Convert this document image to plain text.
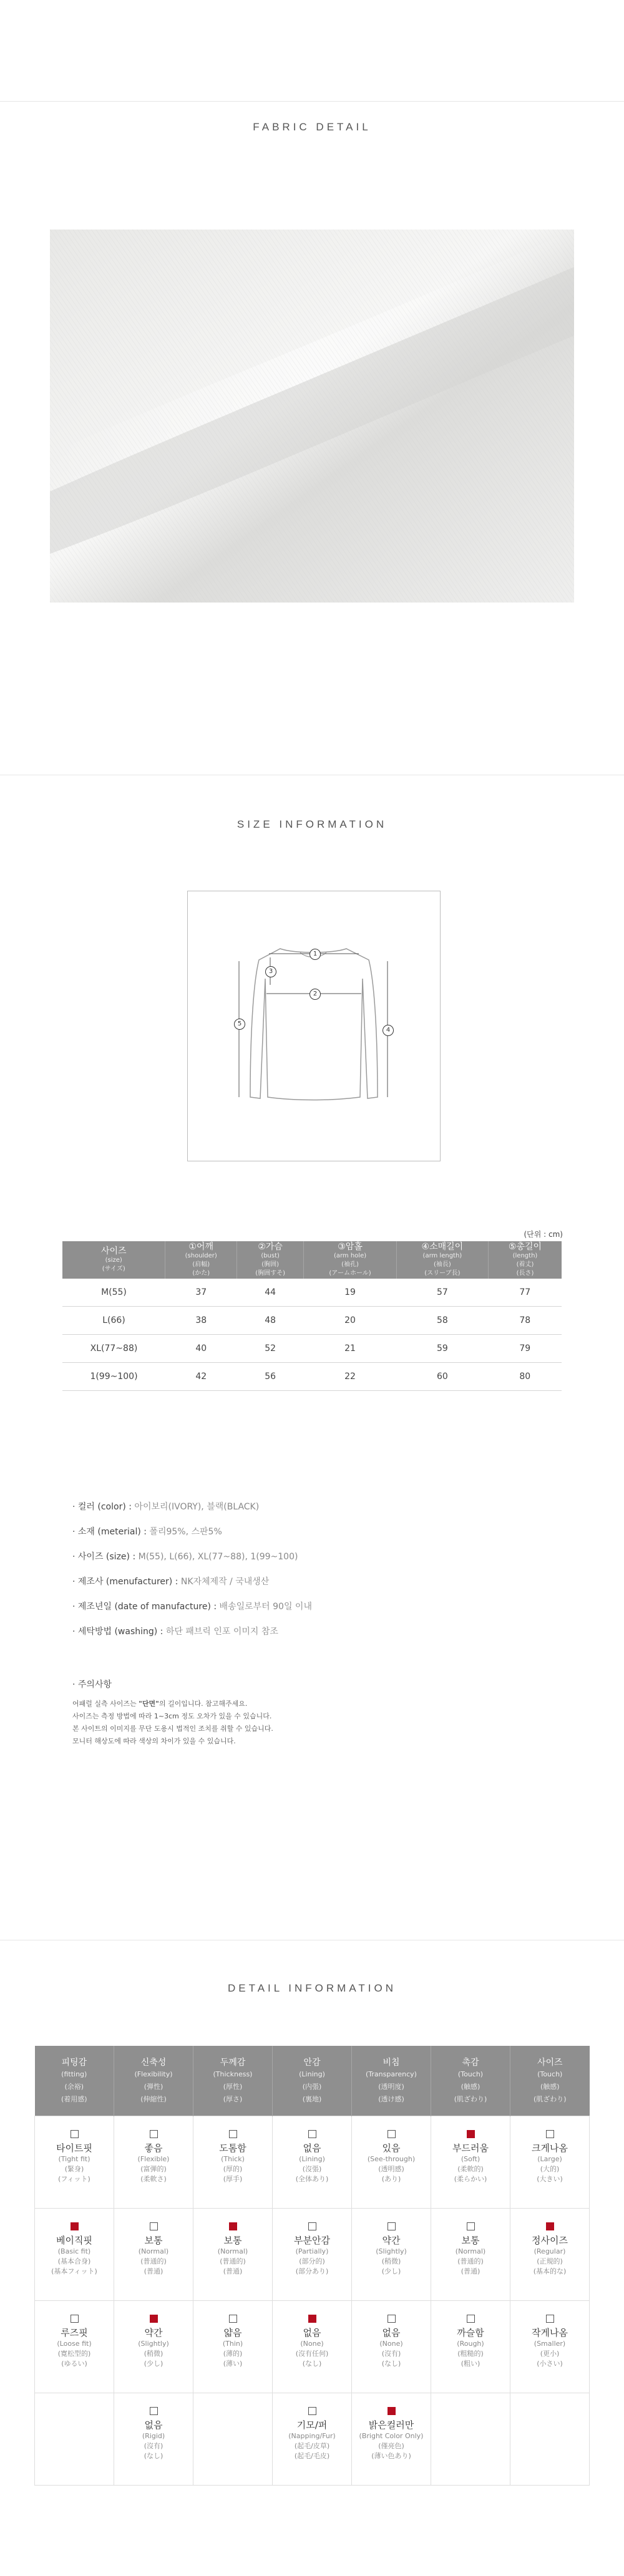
FABRIC DETAIL
SIZE INFORMATION
1
2
3
4
5
(단위 : cm)
사이즈
(size)
(サイズ)	①어깨
(shoulder)
(肩幅)
(かた)	②가슴
(bust)
(胸囲)
(胸囲すそ)	③암홀
(arm hole)
(袖孔)
(アームホール)	④소매길이
(arm length)
(袖長)
(スリーブ長)	⑤총길이
(length)
(着丈)
(長さ)

M(55)	37	44	19	57	77
L(66)	38	48	20	58	78
XL(77~88)	40	52	21	59	79
1(99~100)	42	56	22	60	80
· 컬러 (color) : 아이보리(IVORY), 블랙(BLACK)
· 소재 (meterial) : 폴리95%, 스판5%
· 사이즈 (size) : M(55), L(66), XL(77~88), 1(99~100)
· 제조사 (menufacturer) : NK자체제작 / 국내생산
· 제조년일 (date of manufacture) : 배송일로부터 90일 이내
· 세탁방법 (washing) : 하단 패브릭 인포 이미지 참조
· 주의사항
어패럴 실측 사이즈는 "단면"의 길이입니다. 참고해주세요.
사이즈는 측정 방법에 따라 1~3cm 정도 오차가 있을 수 있습니다.
본 사이트의 이미지를 무단 도용시 법적인 조치를 취할 수 있습니다.
모니터 해상도에 따라 색상의 차이가 있을 수 있습니다.
DETAIL INFORMATION
피팅감
(fitting)
(余裕)
(着用感)	신축성
(Flexibility)
(弾性)
(伸縮性)	두께감
(Thickness)
(厚性)
(厚さ)	안감
(Lining)
(内張)
(裏地)	비침
(Transparency)
(透明度)
(透け感)	촉감
(Touch)
(触感)
(肌ざわり)	사이즈
(Touch)
(触感)
(肌ざわり)

타이트핏
(Tight fit)
(緊身)
(フィット)	좋음
(Flexible)
(富弾的)
(柔軟さ)	도톰함
(Thick)
(厚的)
(厚手)	없음
(Lining)
(沒張)
(全体あり)	있음
(See-through)
(透明感)
(あり)	부드러움
(Soft)
(柔軟的)
(柔らかい)	크게나옴
(Large)
(大的)
(大きい)

베이직핏
(Basic fit)
(基本合身)
(基本フィット)	보통
(Normal)
(普通的)
(普通)	보통
(Normal)
(普通的)
(普通)	부분안감
(Partially)
(部分的)
(部分あり)	약간
(Slightly)
(稍微)
(少し)	보통
(Normal)
(普通的)
(普通)	정사이즈
(Regular)
(正規的)
(基本的な)

루즈핏
(Loose fit)
(寛松型的)
(ゆるい)	약간
(Slightly)
(稍微)
(少し)	얇음
(Thin)
(薄的)
(薄い)	없음
(None)
(沒有任何)
(なし)	없음
(None)
(沒有)
(なし)	까슬함
(Rough)
(粗糙的)
(粗い)	작게나옴
(Smaller)
(更小)
(小さい)

	없음
(Rigid)
(沒有)
(なし)		기모/퍼
(Napping/Fur)
(起毛/皮草)
(起毛/毛皮)	밝은컬러만
(Bright Color Only)
(僅亮色)
(薄い色あり)		
